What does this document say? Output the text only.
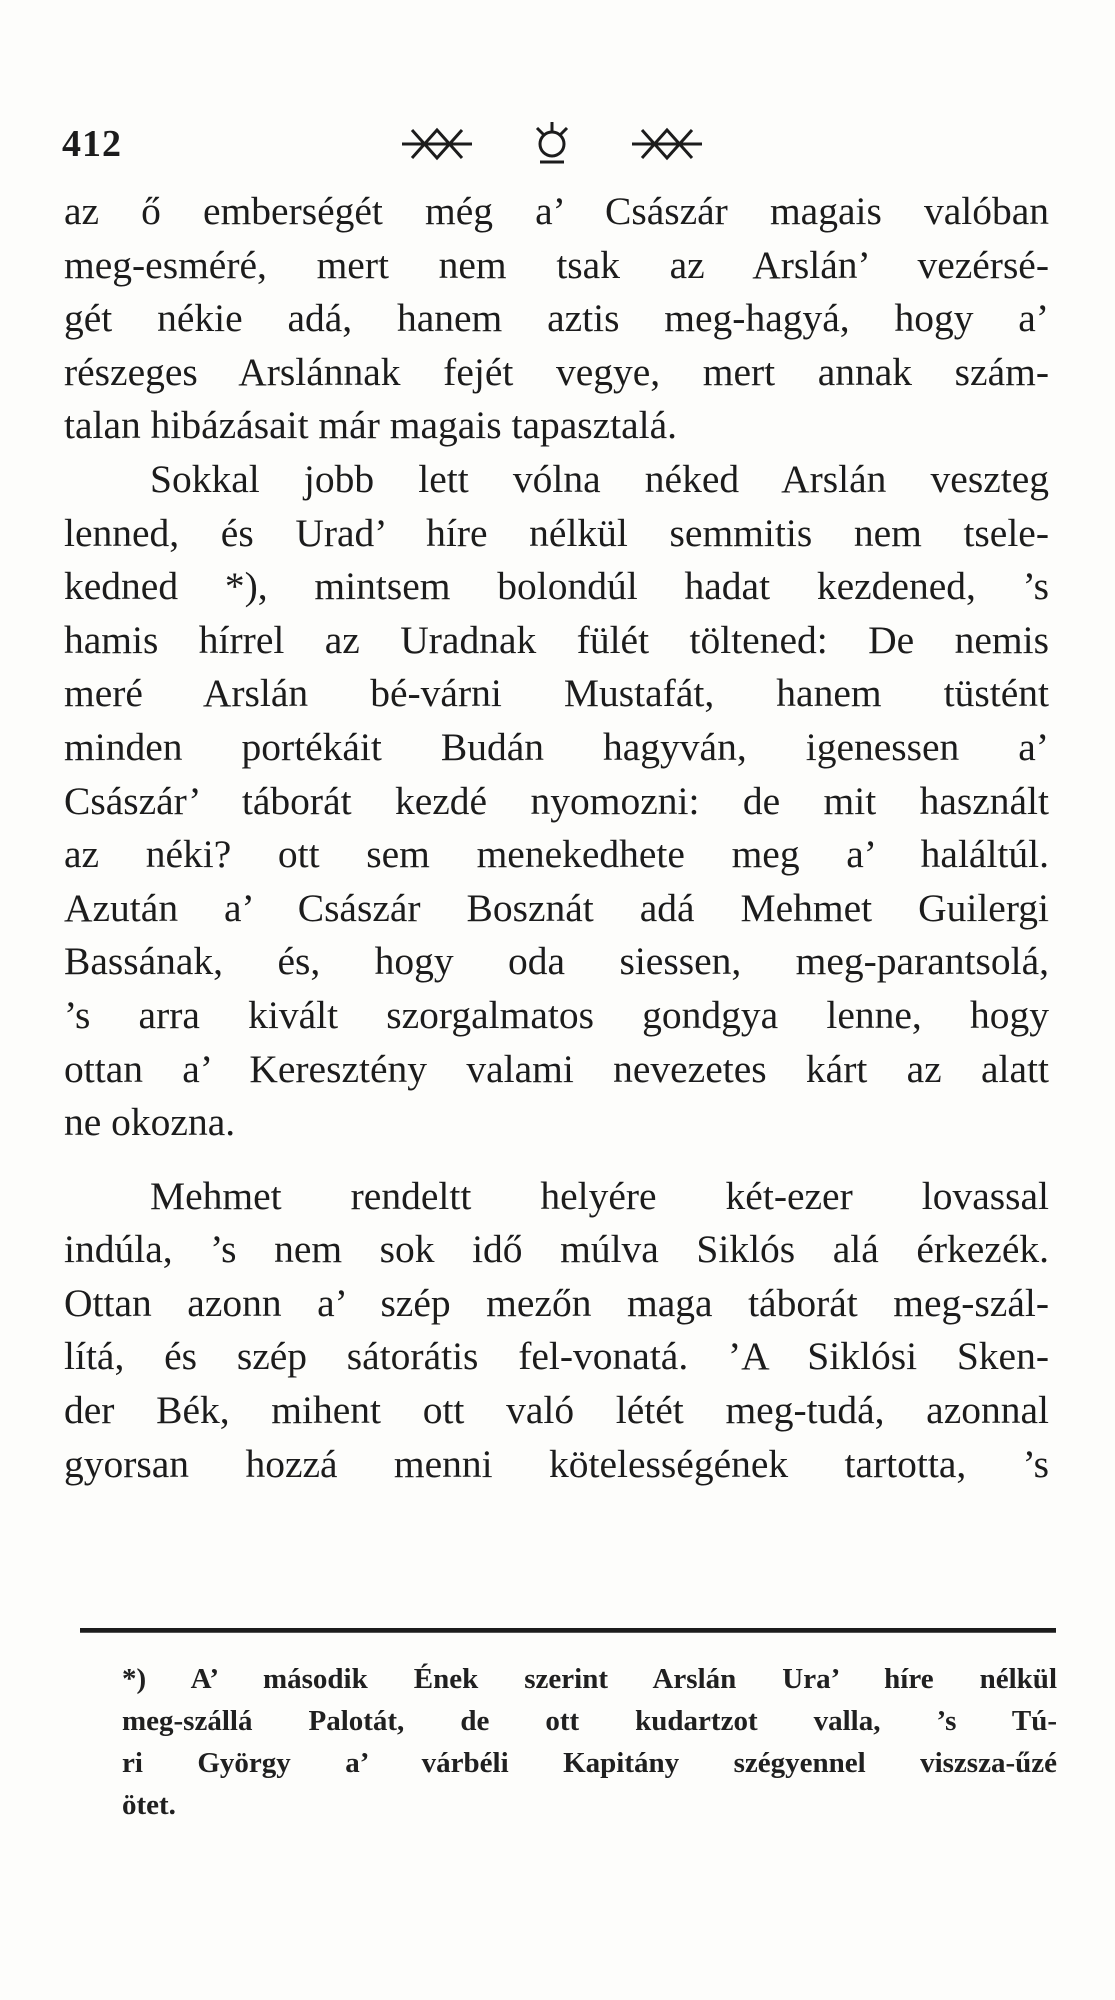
412
az ő emberségét még a’ Császár magais valóban
meg-esméré, mert nem tsak az Arslán’ vezérsé-
gét nékie adá, hanem aztis meg-hagyá, hogy a’
részeges Arslánnak fejét vegye, mert annak szám-
talan hibázásait már magais tapasztalá.
Sokkal jobb lett vólna néked Arslán veszteg
lenned, és Urad’ híre nélkül semmitis nem tsele-
kedned *), mintsem bolondúl hadat kezdened, ’s
hamis hírrel az Uradnak fülét töltened: De nemis
meré Arslán bé-várni Mustafát, hanem tüstént
minden portékáit Budán hagyván, igenessen a’
Császár’ táborát kezdé nyomozni: de mit használt
az néki? ott sem menekedhete meg a’ haláltúl.
Azután a’ Császár Bosznát adá Mehmet Guilergi
Bassának, és, hogy oda siessen, meg-parantsolá,
’s arra kivált szorgalmatos gondgya lenne, hogy
ottan a’ Keresztény valami nevezetes kárt az alatt
ne okozna.
Mehmet rendeltt helyére két-ezer lovassal
indúla, ’s nem sok idő múlva Siklós alá érkezék.
Ottan azonn a’ szép mezőn maga táborát meg-szál-
lítá, és szép sátorátis fel-vonatá. ’A Siklósi Sken-
der Bék, mihent ott való létét meg-tudá, azonnal
gyorsan hozzá menni kötelességének tartotta, ’s
*) A’ második Ének szerint Arslán Ura’ híre nélkül
meg-szállá Palotát, de ott kudartzot valla, ’s Tú-
ri György a’ várbéli Kapitány szégyennel viszsza-űzé
ötet.
